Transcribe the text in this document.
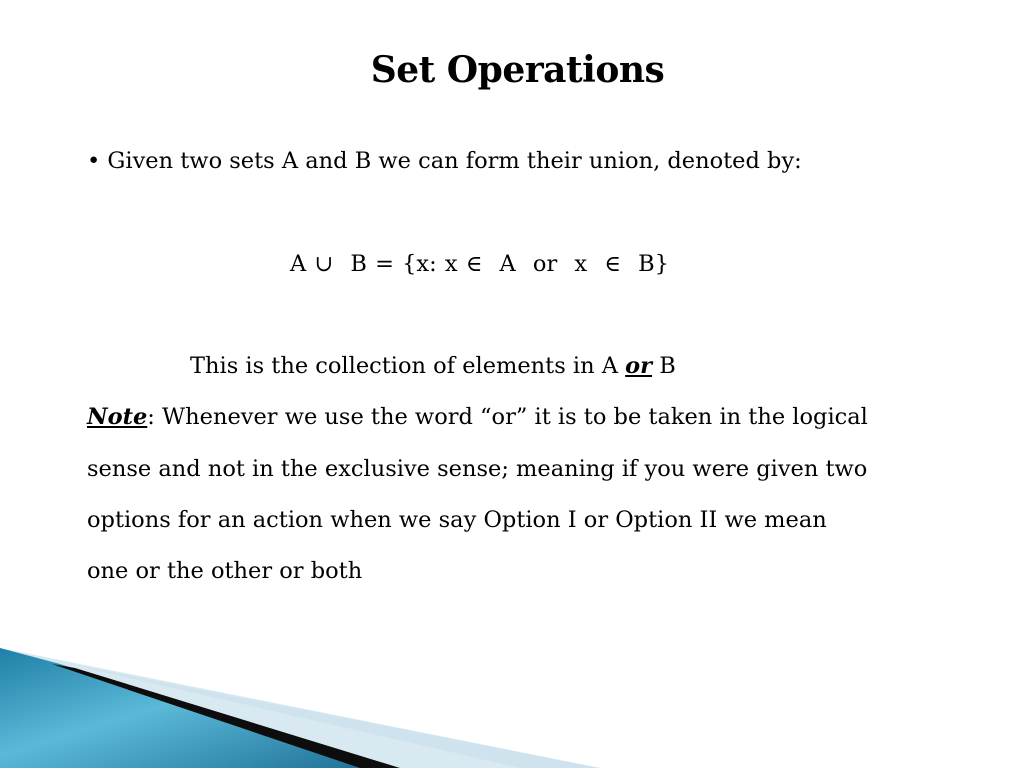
Set Operations
• Given two sets A and B we can form their union, denoted by:
A ∪ B = {x: x ∈ A or x ∈ B}
This is the collection of elements in A or B
Note: Whenever we use the word “or” it is to be taken in the logical
sense and not in the exclusive sense; meaning if you were given two
options for an action when we say Option I or Option II we mean
one or the other or both
